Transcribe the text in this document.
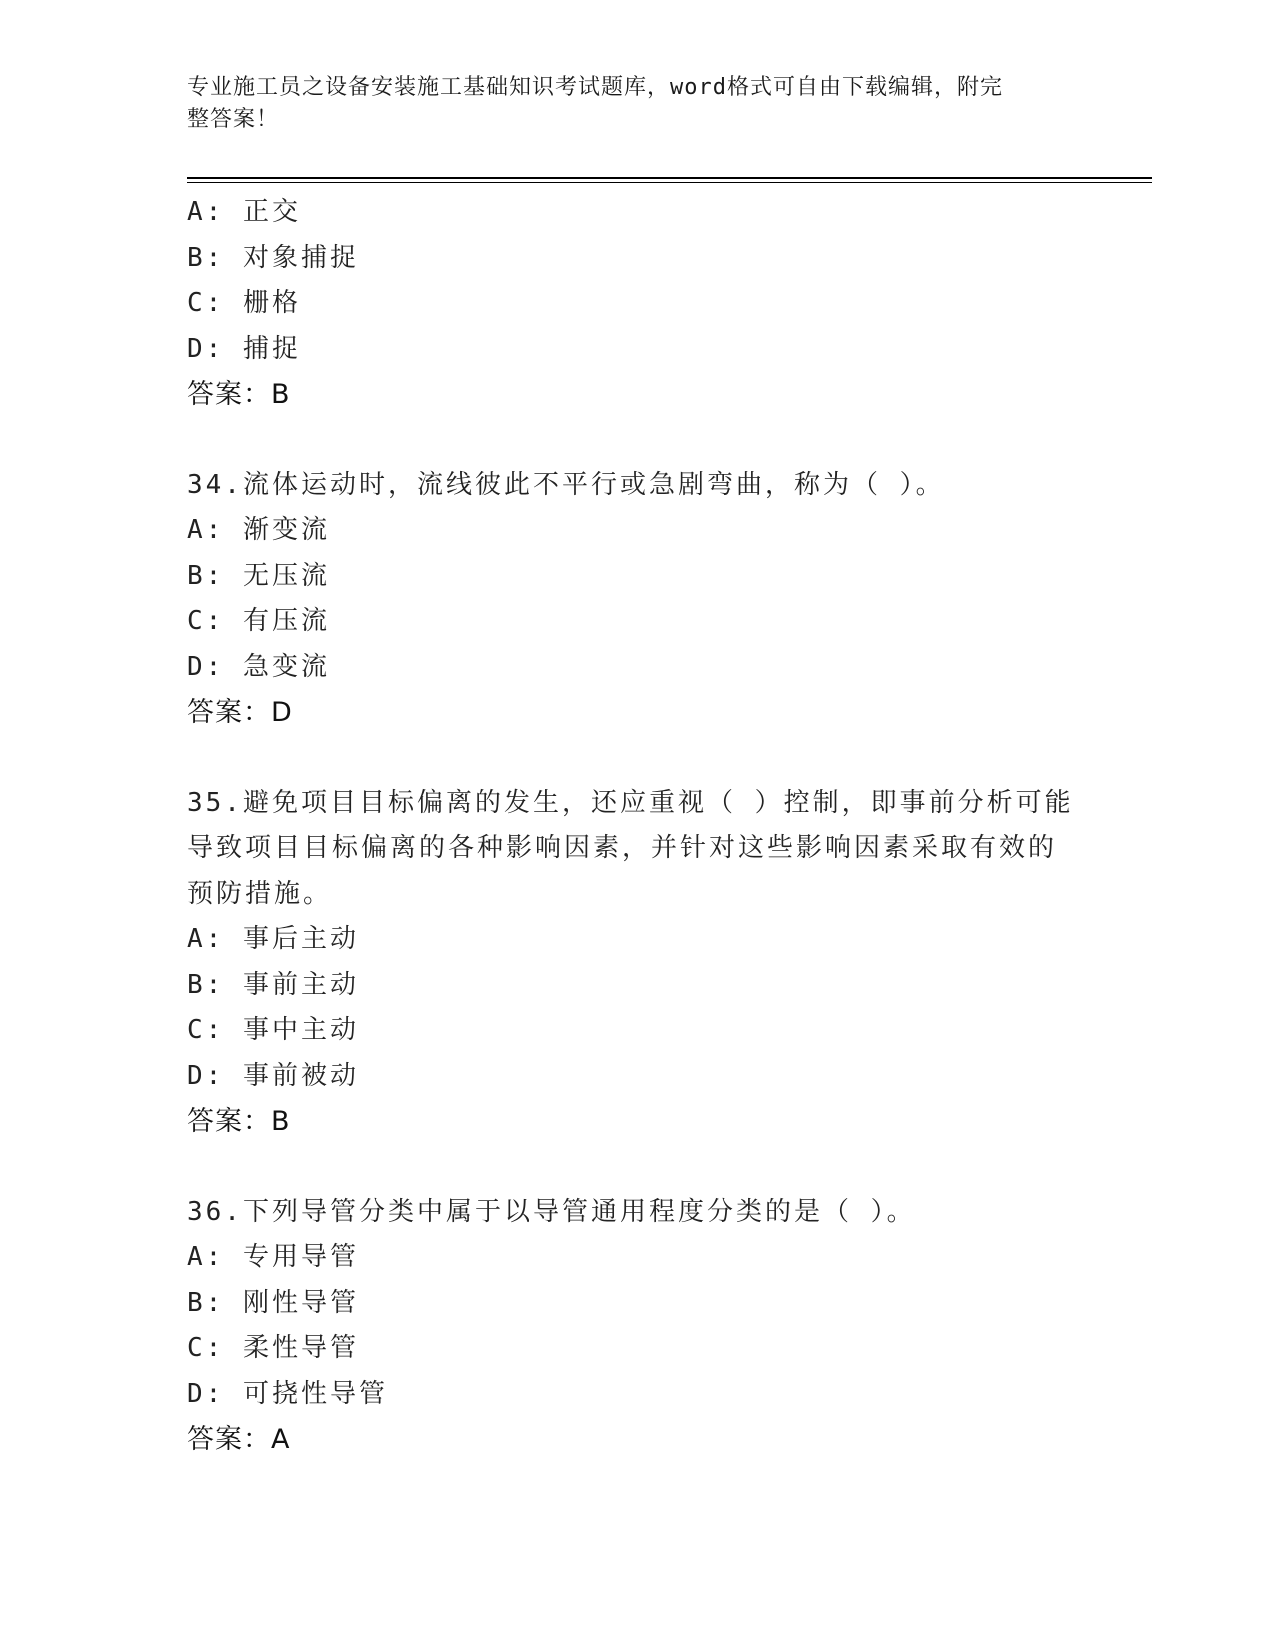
专业施工员之设备安装施工基础知识考试题库，word格式可自由下载编辑，附完
整答案！
A: 正交
B: 对象捕捉
C: 栅格
D: 捕捉
答案：B
34.流体运动时，流线彼此不平行或急剧弯曲，称为（ ）。
A: 渐变流
B: 无压流
C: 有压流
D: 急变流
答案：D
35.避免项目目标偏离的发生，还应重视（ ）控制，即事前分析可能
导致项目目标偏离的各种影响因素，并针对这些影响因素采取有效的
预防措施。
A: 事后主动
B: 事前主动
C: 事中主动
D: 事前被动
答案：B
36.下列导管分类中属于以导管通用程度分类的是（ ）。
A: 专用导管
B: 刚性导管
C: 柔性导管
D: 可挠性导管
答案：A
